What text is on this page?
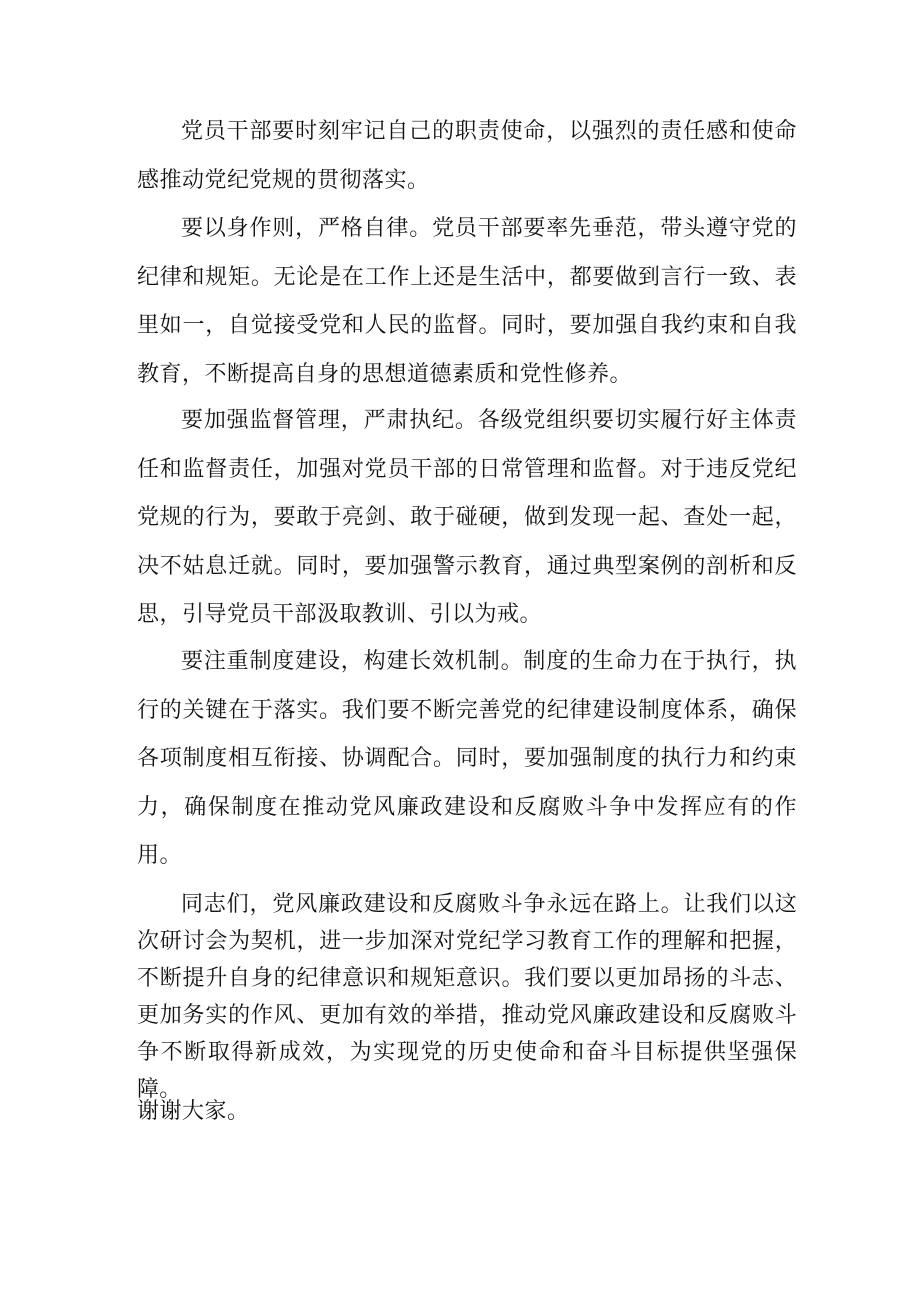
党员干部要时刻牢记自己的职责使命，以强烈的责任感和使命感推动党纪党规的贯彻落实。

要以身作则，严格自律。党员干部要率先垂范，带头遵守党的纪律和规矩。无论是在工作上还是生活中，都要做到言行一致、表里如一，自觉接受党和人民的监督。同时，要加强自我约束和自我教育，不断提高自身的思想道德素质和党性修养。

要加强监督管理，严肃执纪。各级党组织要切实履行好主体责任和监督责任，加强对党员干部的日常管理和监督。对于违反党纪党规的行为，要敢于亮剑、敢于碰硬，做到发现一起、查处一起，决不姑息迁就。同时，要加强警示教育，通过典型案例的剖析和反思，引导党员干部汲取教训、引以为戒。

要注重制度建设，构建长效机制。制度的生命力在于执行，执行的关键在于落实。我们要不断完善党的纪律建设制度体系，确保各项制度相互衔接、协调配合。同时，要加强制度的执行力和约束力，确保制度在推动党风廉政建设和反腐败斗争中发挥应有的作用。

同志们，党风廉政建设和反腐败斗争永远在路上。让我们以这次研讨会为契机，进一步加深对党纪学习教育工作的理解和把握，不断提升自身的纪律意识和规矩意识。我们要以更加昂扬的斗志、更加务实的作风、更加有效的举措，推动党风廉政建设和反腐败斗争不断取得新成效，为实现党的历史使命和奋斗目标提供坚强保障。

谢谢大家。
